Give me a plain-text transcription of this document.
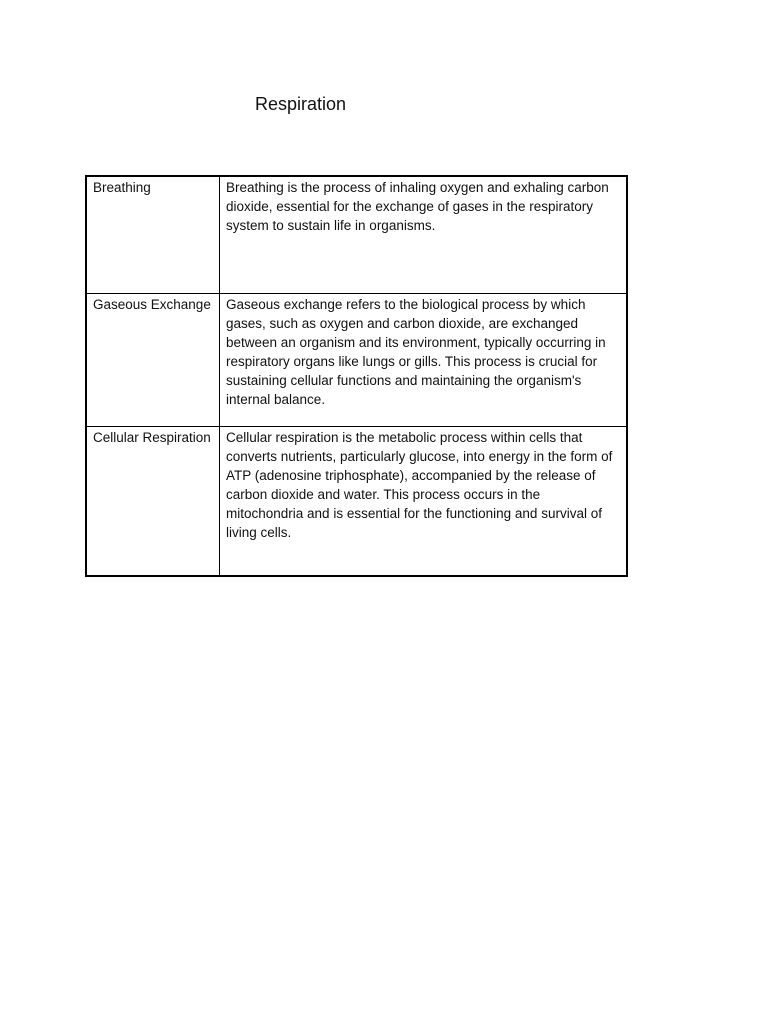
Respiration
Breathing	Breathing is the process of inhaling oxygen and exhaling carbon dioxide, essential for the exchange of gases in the respiratory system to sustain life in organisms.
Gaseous Exchange	Gaseous exchange refers to the biological process by which gases, such as oxygen and carbon dioxide, are exchanged between an organism and its environment, typically occurring in respiratory organs like lungs or gills. This process is crucial for sustaining cellular functions and maintaining the organism's internal balance.
Cellular Respiration	Cellular respiration is the metabolic process within cells that converts nutrients, particularly glucose, into energy in the form of ATP (adenosine triphosphate), accompanied by the release of carbon dioxide and water. This process occurs in the mitochondria and is essential for the functioning and survival of living cells.
